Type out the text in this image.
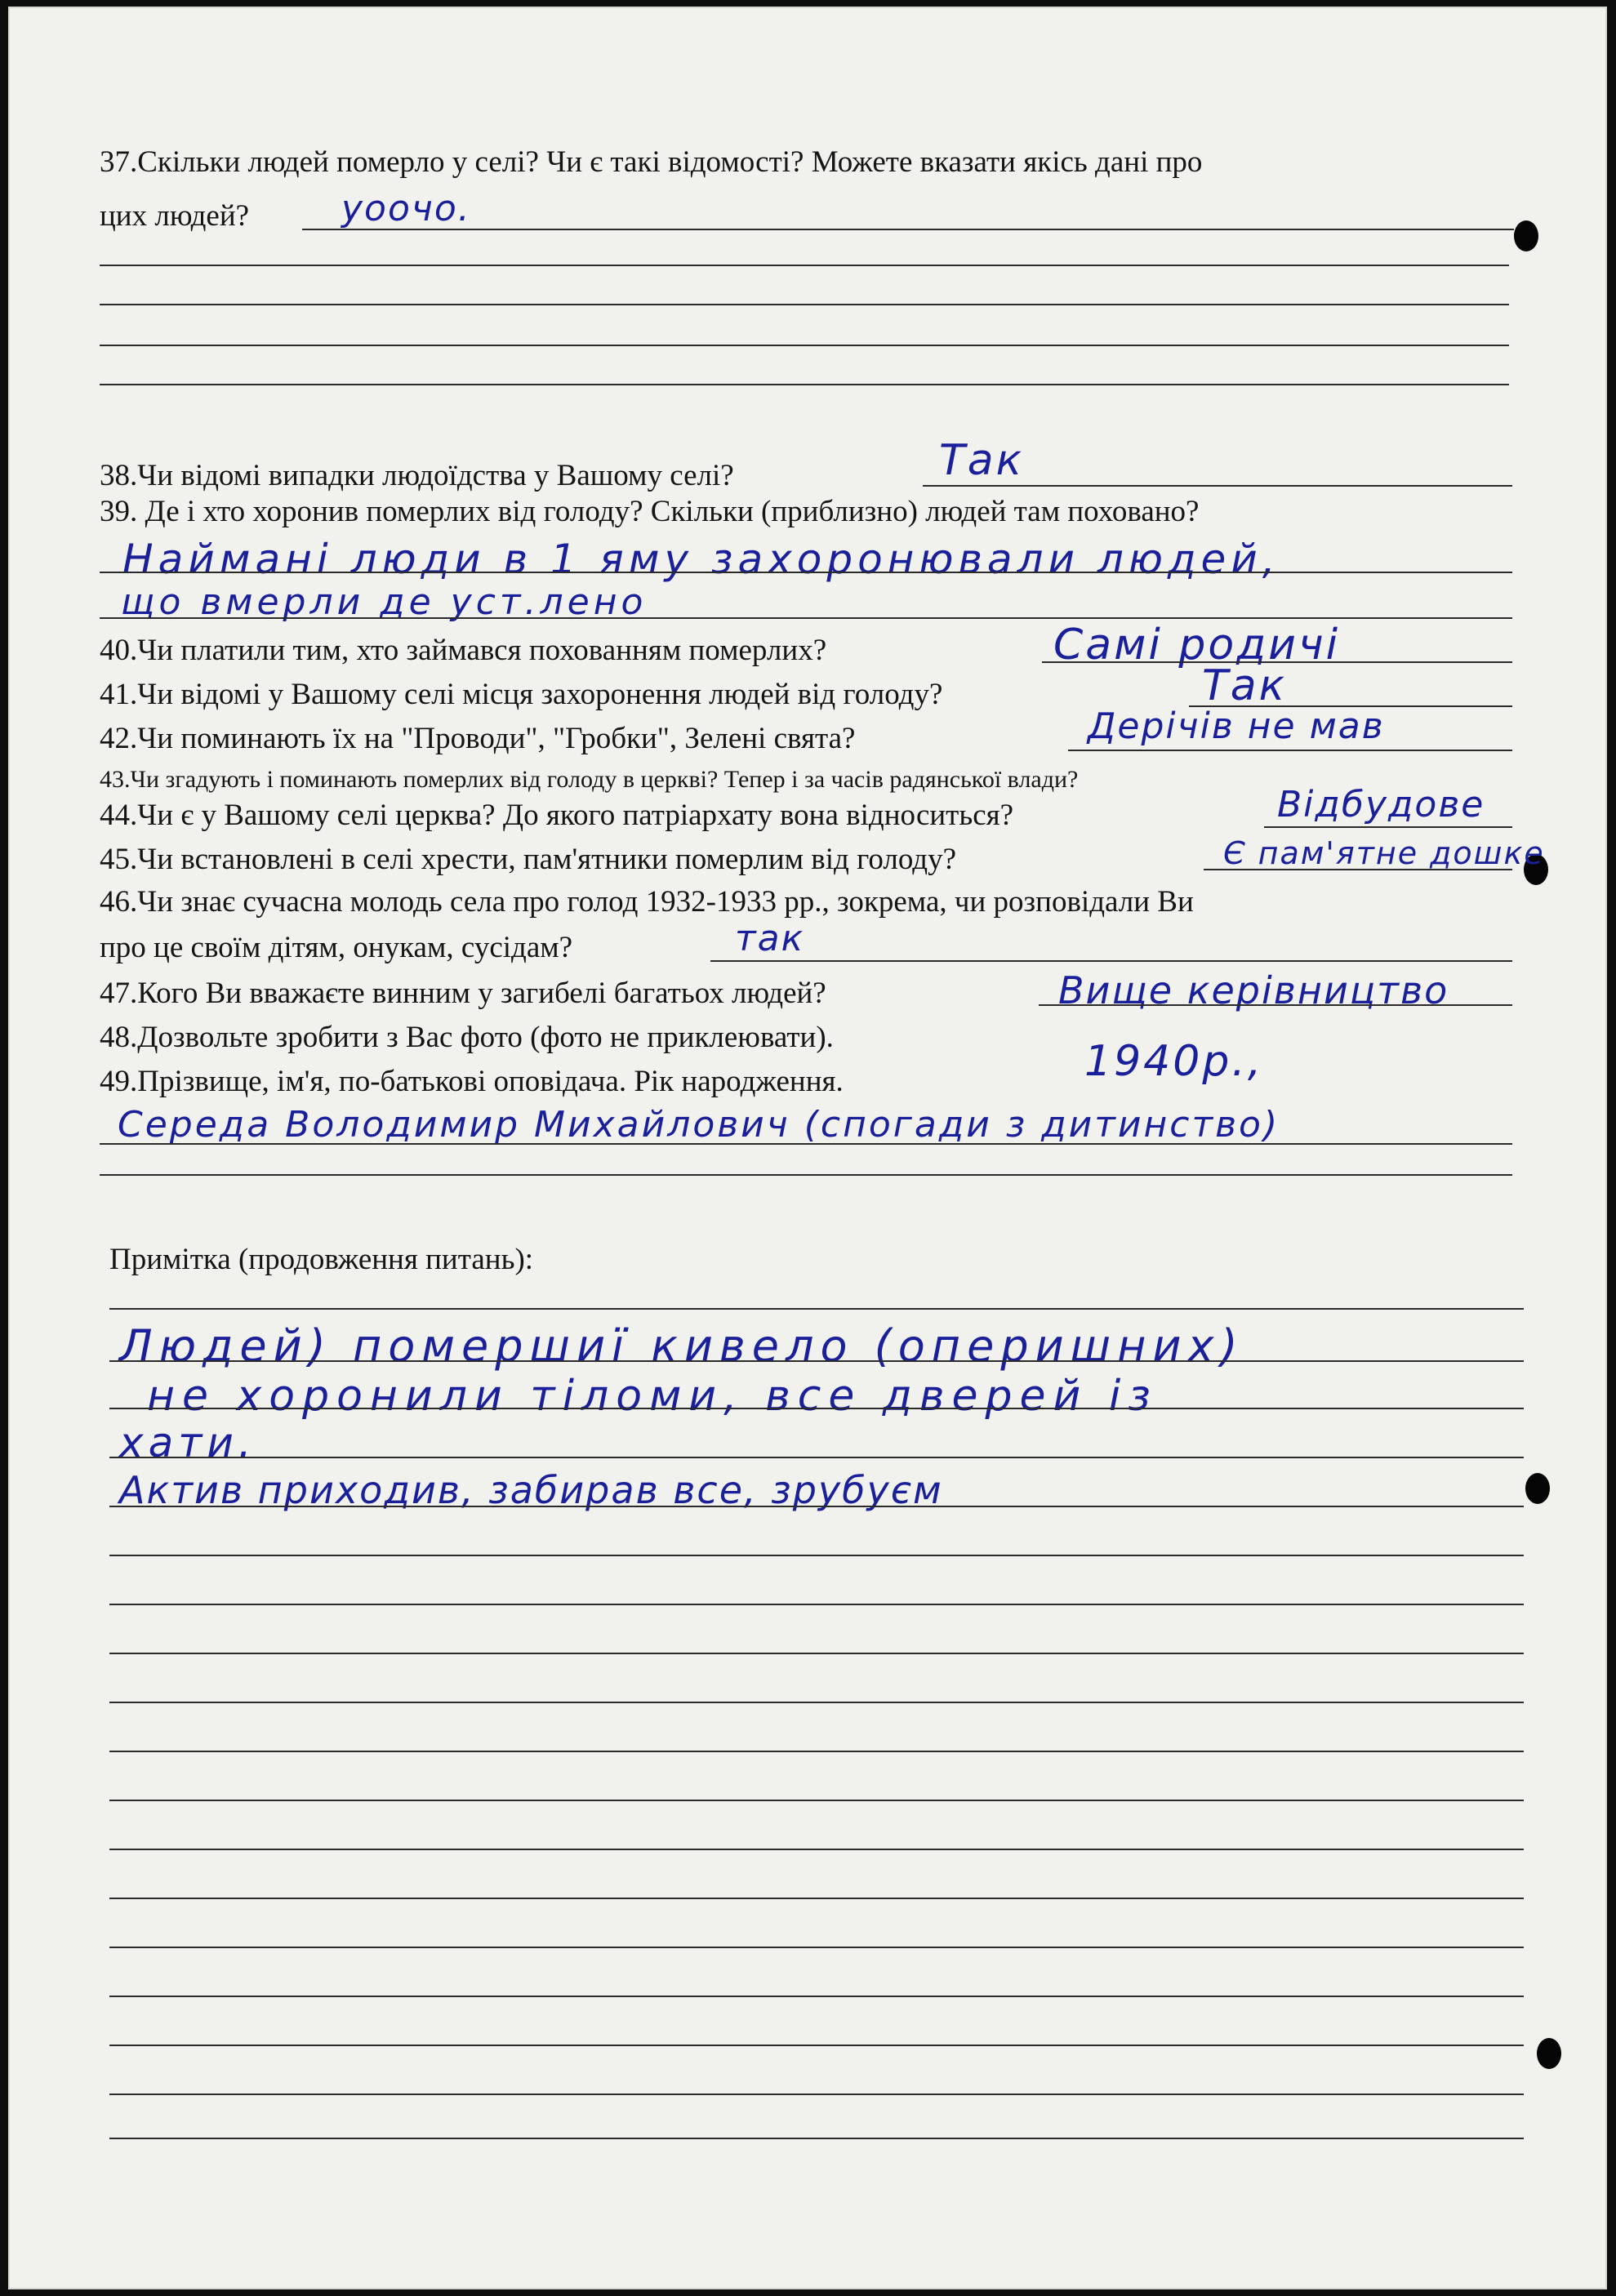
37.Скільки людей померло у селі? Чи є такі відомості? Можете вказати якісь дані про
цих людей?	уоочо.
38.Чи відомі випадки людоїдства у Вашому селі?	Так
39. Де і хто хоронив померлих від голоду? Скільки (приблизно) людей там поховано?
Наймані люди в 1 яму захоронювали людей,
що вмерли де уст.лено
40.Чи платили тим, хто займався похованням померлих?	Самі родичі
41.Чи відомі у Вашому селі місця захоронення людей від голоду?	Так
42.Чи поминають їх на "Проводи", "Гробки", Зелені свята?	Дерічів не мав
43.Чи згадують і поминають померлих від голоду в церкві? Тепер і за часів радянської влади?
44.Чи є у Вашому селі церква? До якого патріархату вона відноситься?	Відбудове
45.Чи встановлені в селі хрести, пам'ятники померлим від голоду?	Є пам'ятне дошке
46.Чи знає сучасна молодь села про голод 1932-1933 рр., зокрема, чи розповідали Ви
про це своїм дітям, онукам, сусідам?	так
47.Кого Ви вважаєте винним у загибелі багатьох людей?	Вище керівництво
48.Дозвольте зробити з Вас фото (фото не приклеювати).
49.Прізвище, ім'я, по-батькові оповідача. Рік народження.	1940р.,
Середа Володимир Михайлович (спогади з дитинство)
Примітка (продовження питань):
Людей) помершиї кивело (оперишних)
не хоронили тіломи, все дверей із
хати.
Актив приходив, забирав все, зрубуєм
